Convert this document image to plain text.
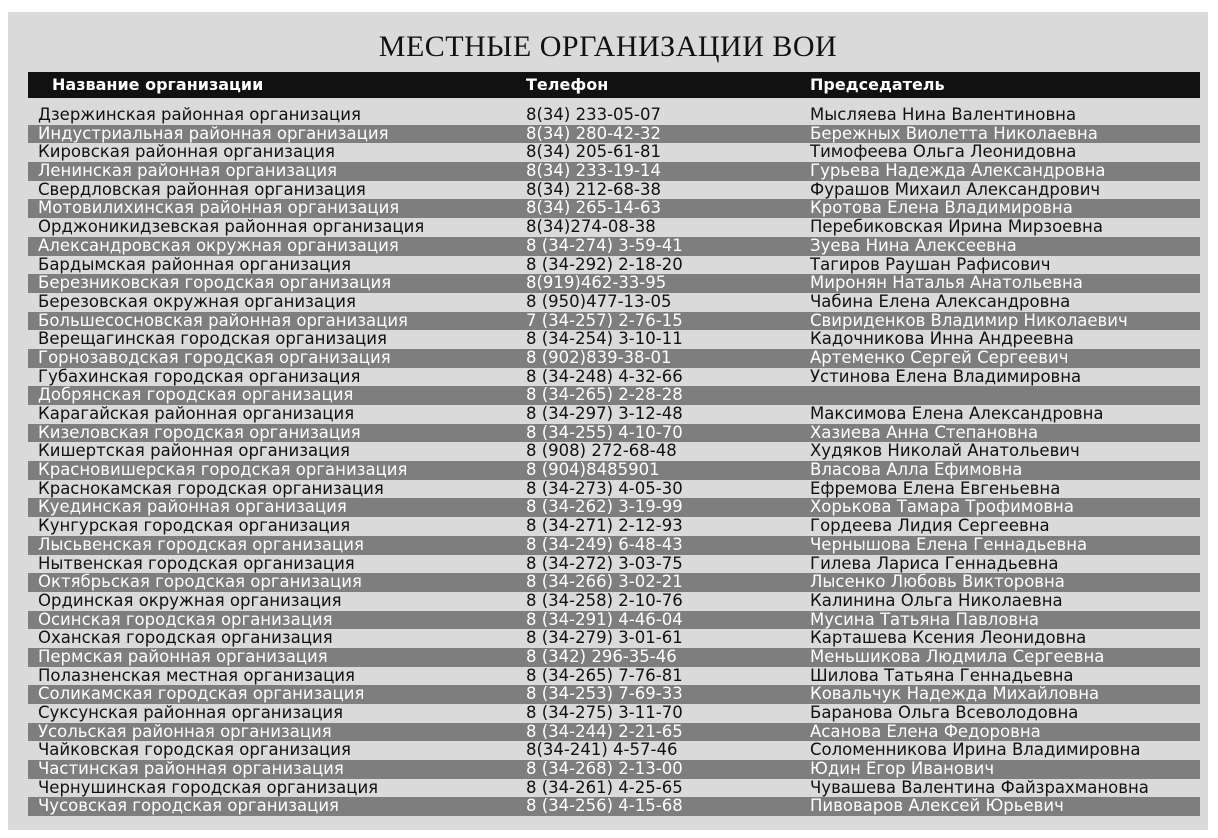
МЕСТНЫЕ ОРГАНИЗАЦИИ ВОИ
Название организации	Телефон	Председатель
Дзержинская районная организация	8(34) 233-05-07	Мысляева Нина Валентиновна
Индустриальная районная организация	8(34) 280-42-32	Бережных Виолетта Николаевна
Кировская районная организация	8(34) 205-61-81	Тимофеева Ольга Леонидовна
Ленинская районная организация	8(34) 233-19-14	Гурьева Надежда Александровна
Свердловская районная организация	8(34) 212-68-38	Фурашов Михаил Александрович
Мотовилихинская районная организация	8(34) 265-14-63	Кротова Елена Владимировна
Орджоникидзевская районная организация	8(34)274-08-38	Перебиковская Ирина Мирзоевна
Александровская окружная организация	8 (34-274) 3-59-41	Зуева Нина Алексеевна
Бардымская районная организация	8 (34-292) 2-18-20	Тагиров Раушан Рафисович
Березниковская городская организация	8(919)462-33-95	Миронян Наталья Анатольевна
Березовская окружная организация	8 (950)477-13-05	Чабина Елена Александровна
Большесосновская районная организация	7 (34-257) 2-76-15	Свириденков Владимир Николаевич
Верещагинская городская организация	8 (34-254) 3-10-11	Кадочникова Инна Андреевна
Горнозаводская городская организация	8 (902)839-38-01	Артеменко Сергей Сергеевич
Губахинская городская организация	8 (34-248) 4-32-66	Устинова Елена Владимировна
Добрянская городская организация	8 (34-265) 2-28-28
Карагайская районная организация	8 (34-297) 3-12-48	Максимова Елена Александровна
Кизеловская городская организация	8 (34-255) 4-10-70	Хазиева Анна Степановна
Кишертская районная организация	8 (908) 272-68-48	Худяков Николай Анатольевич
Красновишерская городская организация	8 (904)8485901	Власова Алла Ефимовна
Краснокамская городская организация	8 (34-273) 4-05-30	Ефремова Елена Евгеньевна
Куединская районная организация	8 (34-262) 3-19-99	Хорькова Тамара Трофимовна
Кунгурская городская организация	8 (34-271) 2-12-93	Гордеева Лидия Сергеевна
Лысьвенская городская организация	8 (34-249) 6-48-43	Чернышова Елена Геннадьевна
Нытвенская городская организация	8 (34-272) 3-03-75	Гилева Лариса Геннадьевна
Октябрьская городская организация	8 (34-266) 3-02-21	Лысенко Любовь Викторовна
Ординская окружная организация	8 (34-258) 2-10-76	Калинина Ольга Николаевна
Осинская городская организация	8 (34-291) 4-46-04	Мусина Татьяна Павловна
Оханская городская организация	8 (34-279) 3-01-61	Карташева Ксения Леонидовна
Пермская районная организация	8 (342) 296-35-46	Меньшикова Людмила Сергеевна
Полазненская местная организация	8 (34-265) 7-76-81	Шилова Татьяна Геннадьевна
Соликамская городская организация	8 (34-253) 7-69-33	Ковальчук Надежда Михайловна
Суксунская районная организация	8 (34-275) 3-11-70	Баранова Ольга Всеволодовна
Усольская районная организация	8 (34-244) 2-21-65	Асанова Елена Федоровна
Чайковская городская организация	8(34-241) 4-57-46	Соломенникова Ирина Владимировна
Частинская районная организация	8 (34-268) 2-13-00	Юдин Егор Иванович
Чернушинская городская организация	8 (34-261) 4-25-65	Чувашева Валентина Файзрахмановна
Чусовская городская организация	8 (34-256) 4-15-68	Пивоваров Алексей Юрьевич
